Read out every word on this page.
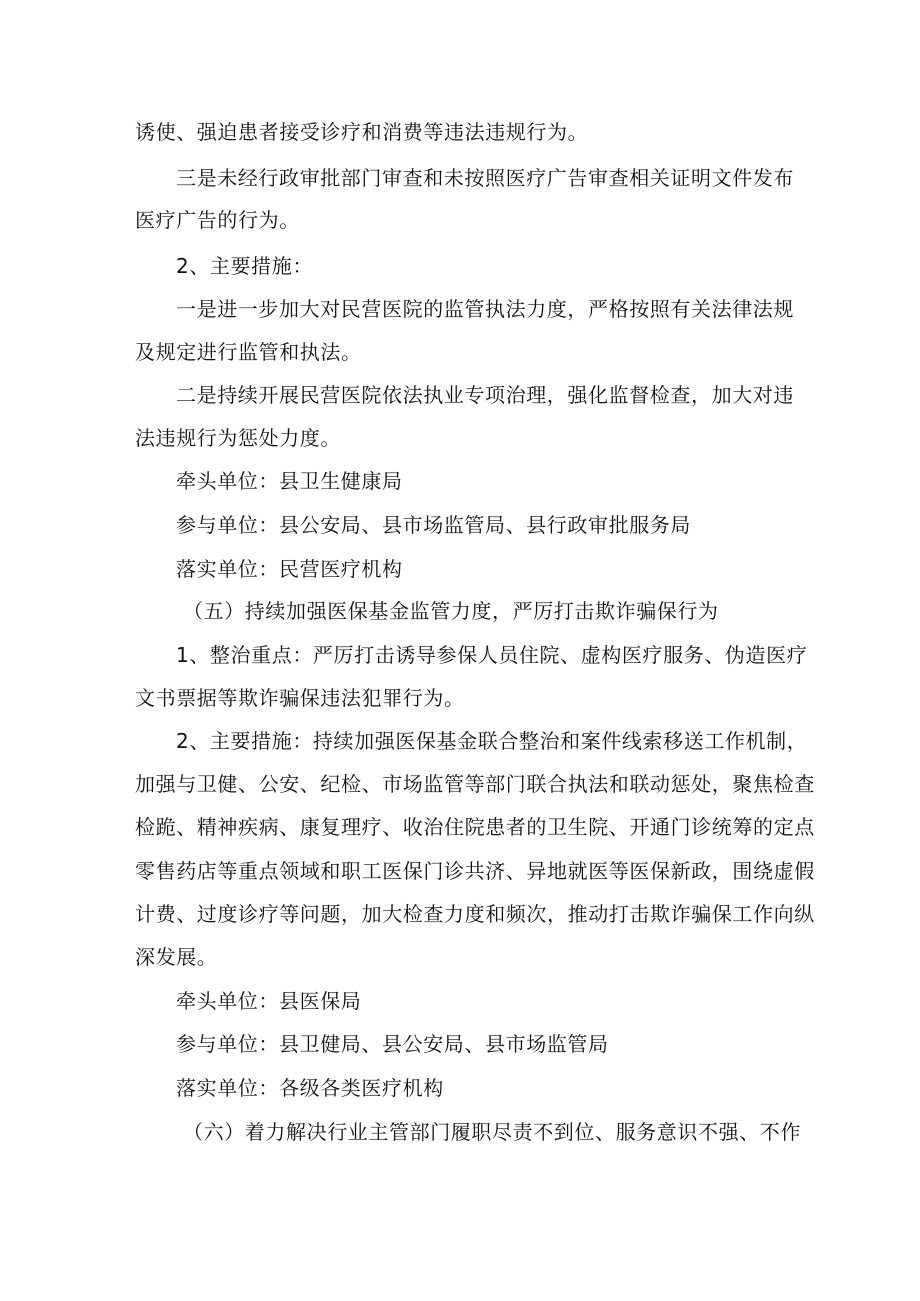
诱使、强迫患者接受诊疗和消费等违法违规行为。
三是未经行政审批部门审查和未按照医疗广告审查相关证明文件发布
医疗广告的行为。
2、主要措施：
一是进一步加大对民营医院的监管执法力度，严格按照有关法律法规
及规定进行监管和执法。
二是持续开展民营医院依法执业专项治理，强化监督检查，加大对违
法违规行为惩处力度。
牵头单位：县卫生健康局
参与单位：县公安局、县市场监管局、县行政审批服务局
落实单位：民营医疗机构
（五）持续加强医保基金监管力度，严厉打击欺诈骗保行为
1、整治重点：严厉打击诱导参保人员住院、虚构医疗服务、伪造医疗
文书票据等欺诈骗保违法犯罪行为。
2、主要措施：持续加强医保基金联合整治和案件线索移送工作机制，
加强与卫健、公安、纪检、市场监管等部门联合执法和联动惩处，聚焦检查
检跪、精神疾病、康复理疗、收治住院患者的卫生院、开通门诊统筹的定点
零售药店等重点领域和职工医保门诊共济、异地就医等医保新政，围绕虚假
计费、过度诊疗等问题，加大检查力度和频次，推动打击欺诈骗保工作向纵
深发展。
牵头单位：县医保局
参与单位：县卫健局、县公安局、县市场监管局
落实单位：各级各类医疗机构
（六）着力解决行业主管部门履职尽责不到位、服务意识不强、不作
